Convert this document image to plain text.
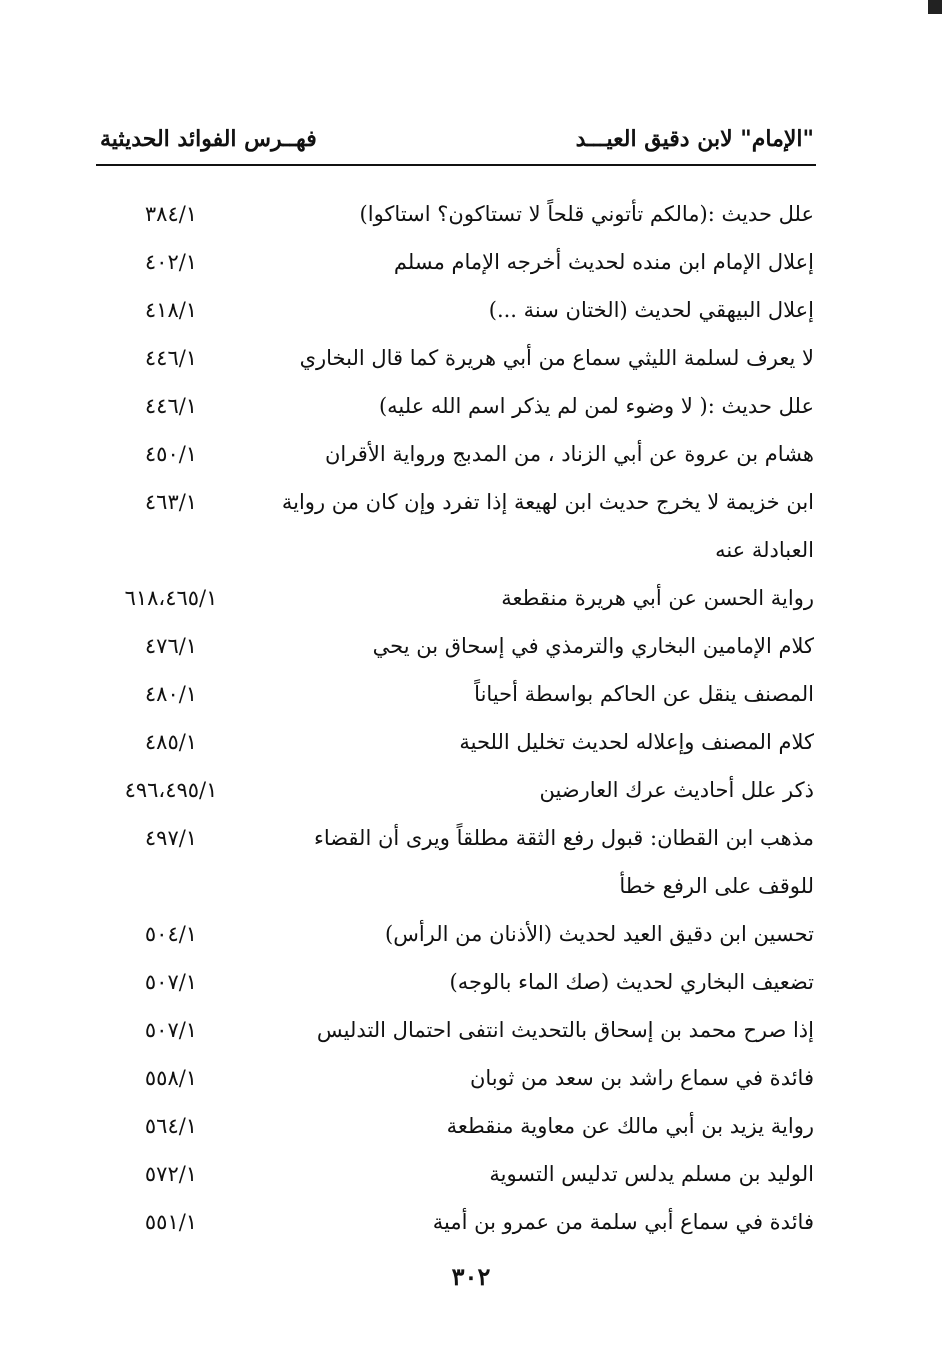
"الإمام" لابن دقيق العيـــد
فهــرس الفوائد الحديثية
علل حديث :(مالكم تأتوني قلحاً لا تستاكون؟ استاكوا)
٣٨٤/١
إعلال الإمام ابن منده لحديث أخرجه الإمام مسلم
٤٠٢/١
إعلال البيهقي لحديث (الختان سنة ...)
٤١٨/١
لا يعرف لسلمة الليثي سماع من أبي هريرة كما قال البخاري
٤٤٦/١
علل حديث :( لا وضوء لمن لم يذكر اسم الله عليه)
٤٤٦/١
هشام بن عروة عن أبي الزناد ، من المدبج ورواية الأقران
٤٥٠/١
ابن خزيمة لا يخرج حديث ابن لهيعة إذا تفرد وإن كان من رواية
٤٦٣/١
العبادلة عنه
رواية الحسن عن أبي هريرة منقطعة
٦١٨،٤٦٥/١
كلام الإمامين البخاري والترمذي في إسحاق بن يحي
٤٧٦/١
المصنف ينقل عن الحاكم بواسطة أحياناً
٤٨٠/١
كلام المصنف وإعلاله لحديث تخليل اللحية
٤٨٥/١
ذكر علل أحاديث عرك العارضين
٤٩٦،٤٩٥/١
مذهب ابن القطان: قبول رفع الثقة مطلقاً ويرى أن القضاء
٤٩٧/١
للوقف على الرفع خطأ
تحسين ابن دقيق العيد لحديث (الأذنان من الرأس)
٥٠٤/١
تضعيف البخاري لحديث (صك الماء بالوجه)
٥٠٧/١
إذا صرح محمد بن إسحاق بالتحديث انتفى احتمال التدليس
٥٠٧/١
فائدة في سماع راشد بن سعد من ثوبان
٥٥٨/١
رواية يزيد بن أبي مالك عن معاوية منقطعة
٥٦٤/١
الوليد بن مسلم يدلس تدليس التسوية
٥٧٢/١
فائدة في سماع أبي سلمة من عمرو بن أمية
٥٥١/١
٣٠٢
